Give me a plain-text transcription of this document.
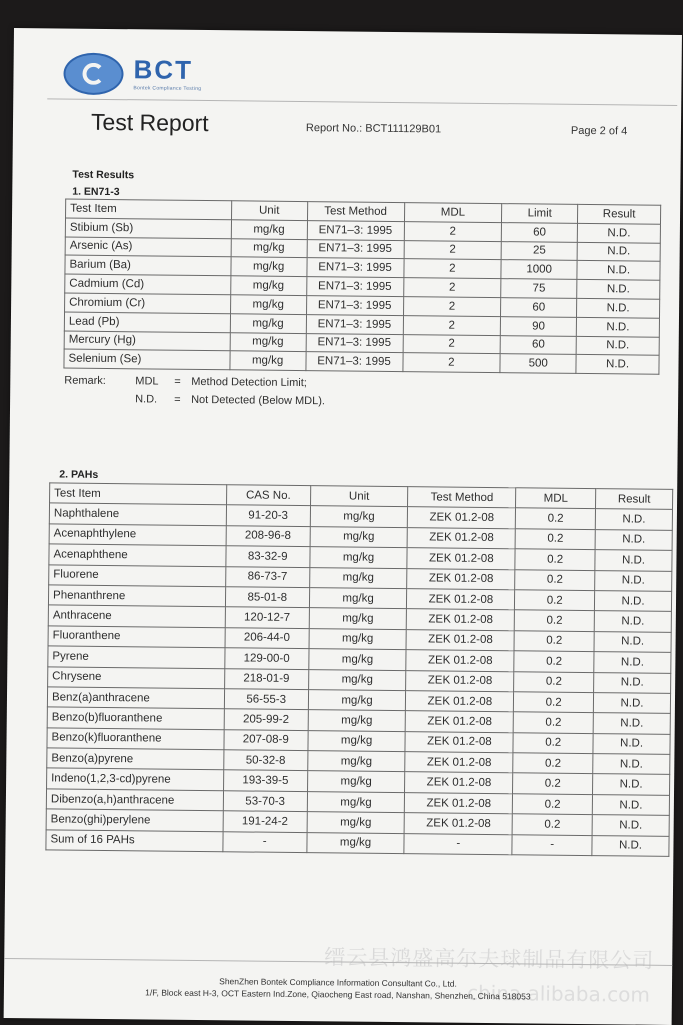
BCT
Bontek Compliance Testing
Test Report	Report No.: BCT111129B01	Page 2 of 4
Test Results
1. EN71-3
Test Item	Unit	Test Method	MDL	Limit	Result
Stibium (Sb)	mg/kg	EN71–3: 1995	2	60	N.D.
Arsenic (As)	mg/kg	EN71–3: 1995	2	25	N.D.
Barium (Ba)	mg/kg	EN71–3: 1995	2	1000	N.D.
Cadmium (Cd)	mg/kg	EN71–3: 1995	2	75	N.D.
Chromium (Cr)	mg/kg	EN71–3: 1995	2	60	N.D.
Lead (Pb)	mg/kg	EN71–3: 1995	2	90	N.D.
Mercury (Hg)	mg/kg	EN71–3: 1995	2	60	N.D.
Selenium (Se)	mg/kg	EN71–3: 1995	2	500	N.D.
Remark:	MDL = Method Detection Limit;
N.D. = Not Detected (Below MDL).
2. PAHs
Test Item	CAS No.	Unit	Test Method	MDL	Result
Naphthalene	91-20-3	mg/kg	ZEK 01.2-08	0.2	N.D.
Acenaphthylene	208-96-8	mg/kg	ZEK 01.2-08	0.2	N.D.
Acenaphthene	83-32-9	mg/kg	ZEK 01.2-08	0.2	N.D.
Fluorene	86-73-7	mg/kg	ZEK 01.2-08	0.2	N.D.
Phenanthrene	85-01-8	mg/kg	ZEK 01.2-08	0.2	N.D.
Anthracene	120-12-7	mg/kg	ZEK 01.2-08	0.2	N.D.
Fluoranthene	206-44-0	mg/kg	ZEK 01.2-08	0.2	N.D.
Pyrene	129-00-0	mg/kg	ZEK 01.2-08	0.2	N.D.
Chrysene	218-01-9	mg/kg	ZEK 01.2-08	0.2	N.D.
Benz(a)anthracene	56-55-3	mg/kg	ZEK 01.2-08	0.2	N.D.
Benzo(b)fluoranthene	205-99-2	mg/kg	ZEK 01.2-08	0.2	N.D.
Benzo(k)fluoranthene	207-08-9	mg/kg	ZEK 01.2-08	0.2	N.D.
Benzo(a)pyrene	50-32-8	mg/kg	ZEK 01.2-08	0.2	N.D.
Indeno(1,2,3-cd)pyrene	193-39-5	mg/kg	ZEK 01.2-08	0.2	N.D.
Dibenzo(a,h)anthracene	53-70-3	mg/kg	ZEK 01.2-08	0.2	N.D.
Benzo(ghi)perylene	191-24-2	mg/kg	ZEK 01.2-08	0.2	N.D.
Sum of 16 PAHs	-	mg/kg	-	-	N.D.
缙云县鸿盛高尔夫球制品有限公司
china.alibaba.com
ShenZhen Bontek Compliance Information Consultant Co., Ltd.
1/F, Block east H-3, OCT Eastern Ind.Zone, Qiaocheng East road, Nanshan, Shenzhen, China 518053
